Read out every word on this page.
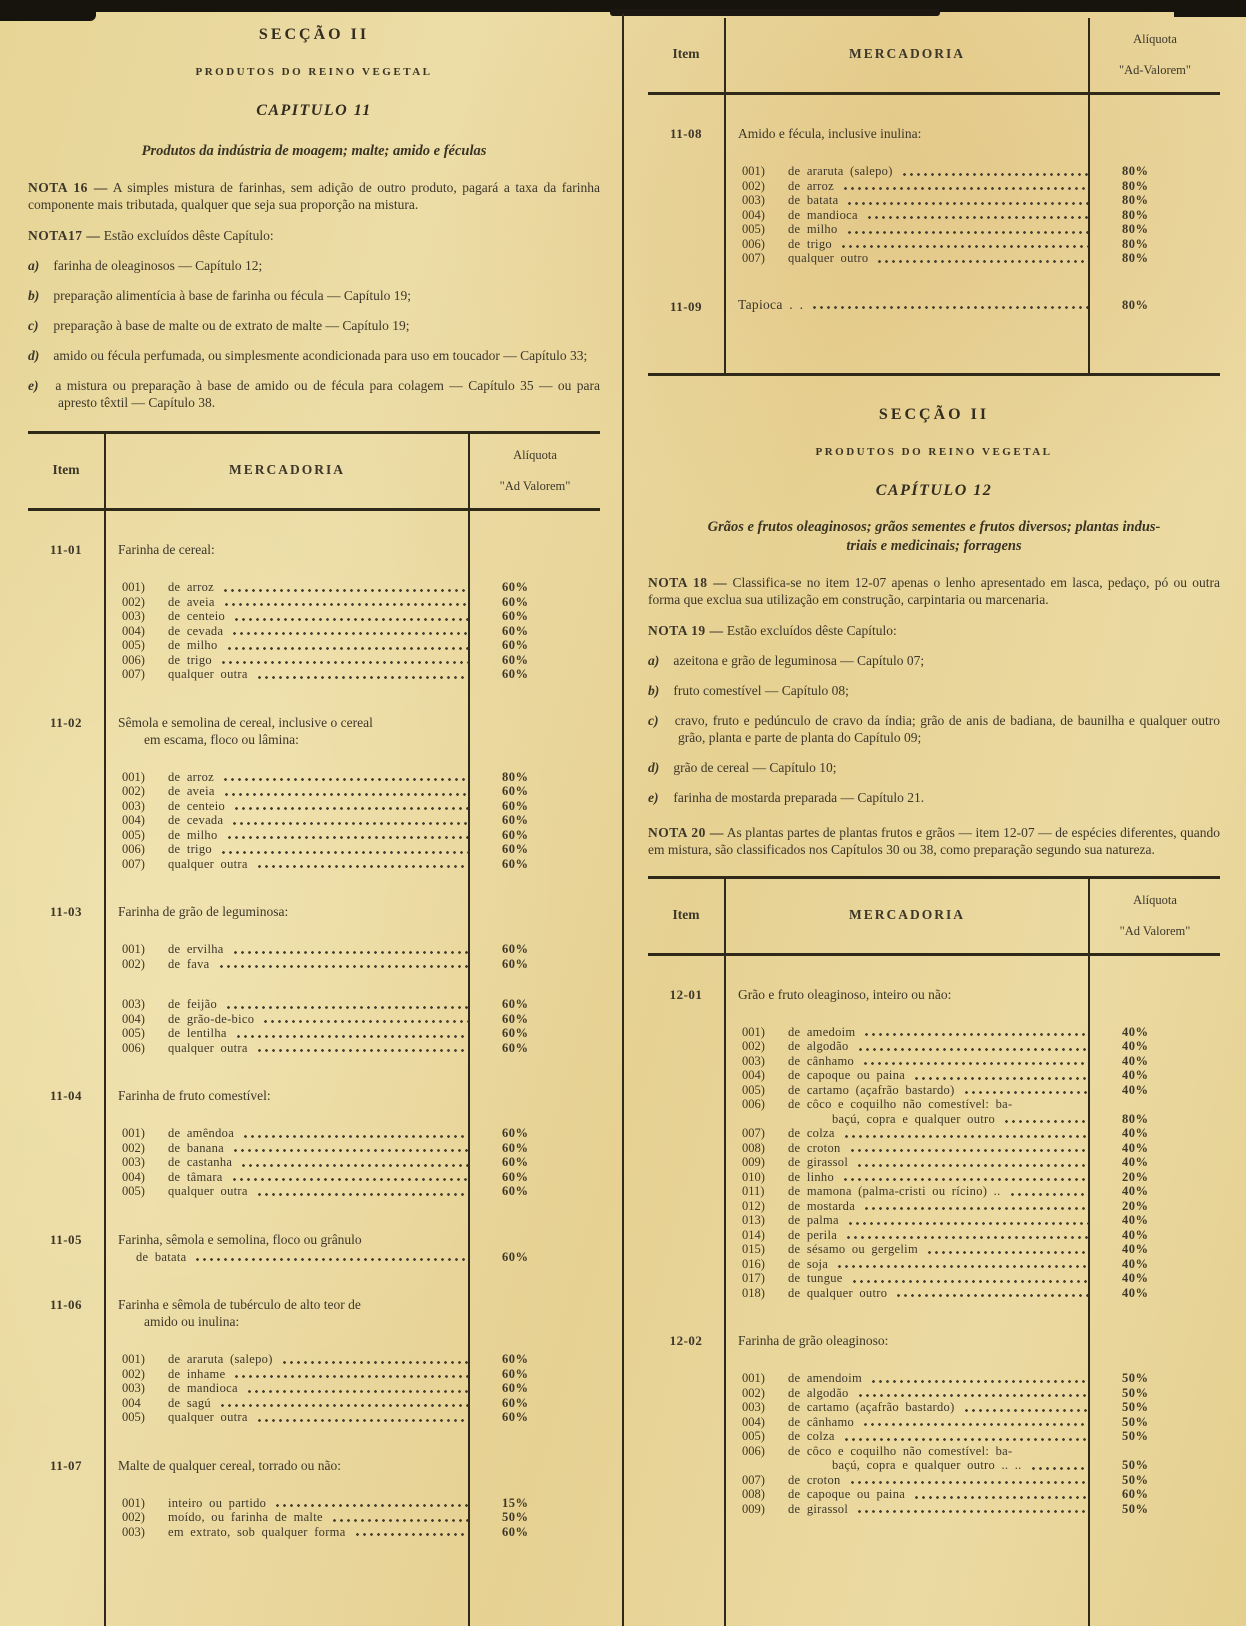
SECÇÃO II
PRODUTOS DO REINO VEGETAL
CAPITULO 11
Produtos da indústria de moagem; malte; amido e féculas

NOTA 16 — A simples mistura de farinhas, sem adição de outro produto, pagará a taxa da farinha componente mais tributada, qualquer que seja sua proporção na mistura.

NOTA17 — Estão excluídos dêste Capítulo:

a) farinha de oleaginosos — Capítulo 12;

b) preparação alimentícia à base de farinha ou fécula — Capítulo 19;

c) preparação à base de malte ou de extrato de malte — Capítulo 19;

d) amido ou fécula perfumada, ou simplesmente acondicionada para uso em toucador — Capítulo 33;

e) a mistura ou preparação à base de amido ou de fécula para colagem — Capítulo 35 — ou para apresto têxtil — Capítulo 38.

Item	MERCADORIA
Alíquota
"Ad Valorem"
11-01	Farinha de cereal:
001)	de arroz	60%
002)	de aveia	60%
003)	de centeio	60%
004)	de cevada	60%
005)	de milho	60%
006)	de trigo	60%
007)	qualquer outra	60%
11-02	Sêmola e semolina de cereal, inclusive o cereal
em escama, floco ou lâmina:
001)	de arroz	80%
002)	de aveia	60%
003)	de centeio	60%
004)	de cevada	60%
005)	de milho	60%
006)	de trigo	60%
007)	qualquer outra	60%
11-03	Farinha de grão de leguminosa:
001)	de ervilha	60%
002)	de fava	60%
003)	de feijão	60%
004)	de grão-de-bico	60%
005)	de lentilha	60%
006)	qualquer outra	60%
11-04	Farinha de fruto comestível:
001)	de amêndoa	60%
002)	de banana	60%
003)	de castanha	60%
004)	de tâmara	60%
005)	qualquer outra	60%
11-05	Farinha, sêmola e semolina, floco ou grânulo
de batata	60%
11-06	Farinha e sêmola de tubérculo de alto teor de
amido ou inulina:
001)	de araruta (salepo)	60%
002)	de inhame	60%
003)	de mandioca	60%
004	de sagú	60%
005)	qualquer outra	60%
11-07	Malte de qualquer cereal, torrado ou não:
001)	inteiro ou partido	15%
002)	moído, ou farinha de malte	50%
003)	em extrato, sob qualquer forma	60%
Item	MERCADORIA
Alíquota
"Ad-Valorem"
11-08	Amido e fécula, inclusive inulina:
001)	de araruta (salepo)	80%
002)	de arroz	80%
003)	de batata	80%
004)	de mandioca	80%
005)	de milho	80%
006)	de trigo	80%
007)	qualquer outro	80%
11-09	Tapioca . .	80%
SECÇÃO II
PRODUTOS DO REINO VEGETAL
CAPÍTULO 12
Grãos e frutos oleaginosos; grãos sementes e frutos diversos; plantas indus-
triais e medicinais; forragens

NOTA 18 — Classifica-se no item 12-07 apenas o lenho apresentado em lasca, pedaço, pó ou outra forma que exclua sua utilização em construção, carpintaria ou marcenaria.

NOTA 19 — Estão excluídos dêste Capítulo:

a) azeitona e grão de leguminosa — Capítulo 07;

b) fruto comestível — Capítulo 08;

c) cravo, fruto e pedúnculo de cravo da índia; grão de anis de badiana, de baunilha e qualquer outro grão, planta e parte de planta do Capítulo 09;

d) grão de cereal — Capítulo 10;

e) farinha de mostarda preparada — Capítulo 21.

NOTA 20 — As plantas partes de plantas frutos e grãos — item 12-07 — de espécies diferentes, quando em mistura, são classificados nos Capítulos 30 ou 38, como preparação segundo sua natureza.

Item	MERCADORIA
Alíquota
"Ad Valorem"
12-01	Grão e fruto oleaginoso, inteiro ou não:
001)	de amedoim	40%
002)	de algodão	40%
003)	de cânhamo	40%
004)	de capoque ou paina	40%
005)	de cartamo (açafrão bastardo)	40%
006)	de côco e coquilho não comestível: ba-
baçú, copra e qualquer outro	80%
007)	de colza	40%
008)	de croton	40%
009)	de girassol	40%
010)	de linho	20%
011)	de mamona (palma-cristi ou rícino) ..	40%
012)	de mostarda	20%
013)	de palma	40%
014)	de perila	40%
015)	de sésamo ou gergelim	40%
016)	de soja	40%
017)	de tungue	40%
018)	de qualquer outro	40%
12-02	Farinha de grão oleaginoso:
001)	de amendoim	50%
002)	de algodão	50%
003)	de cartamo (açafrão bastardo)	50%
004)	de cânhamo	50%
005)	de colza	50%
006)	de côco e coquilho não comestível: ba-
baçú, copra e qualquer outro .. ..	50%
007)	de croton	50%
008)	de capoque ou paina	60%
009)	de girassol	50%
